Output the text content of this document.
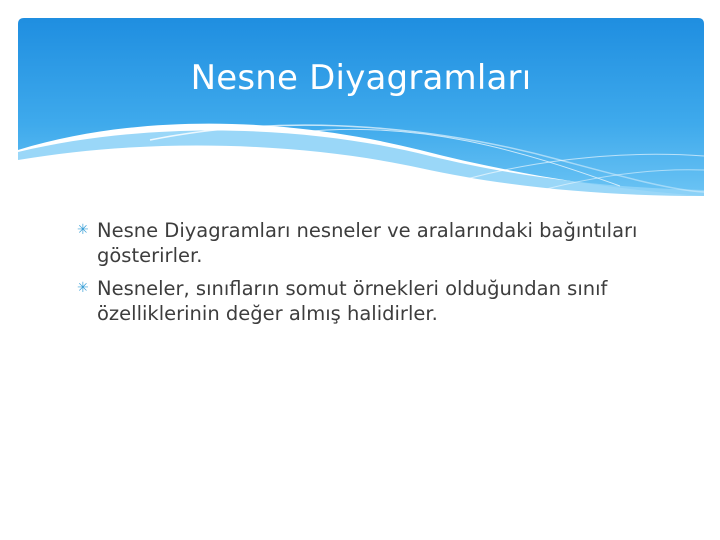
Nesne Diyagramları
✳ Nesne Diyagramları nesneler ve aralarındaki bağıntıları gösterirler.
✳ Nesneler, sınıfların somut örnekleri olduğundan sınıf özelliklerinin değer almış halidirler.
